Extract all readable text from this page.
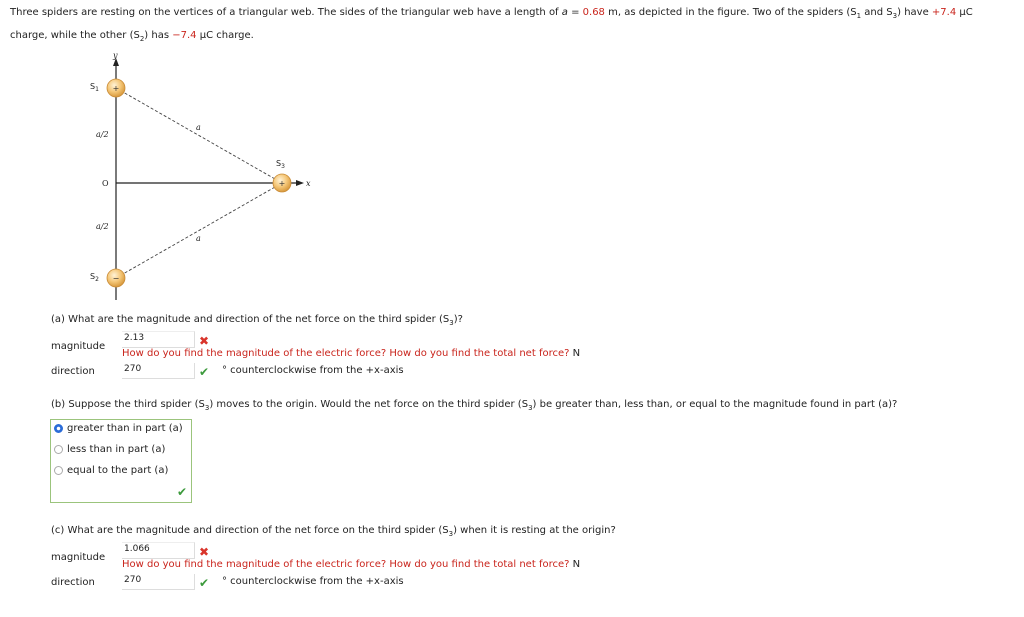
Three spiders are resting on the vertices of a triangular web. The sides of the triangular web have a length of a = 0.68 m, as depicted in the figure. Two of the spiders ($S_1$ and $S_3$) have +7.4 μC
charge, while the other $(S_2)$ has −7.4 μC charge.
+
−
+
y
x
a/2
a/2
a
a
O
$S_1$
$S_2$
$S_3$
(a) What are the magnitude and direction of the net force on the third spider $(S_3)$?
magnitude
2.13	✖
How do you find the magnitude of the electric force? How do you find the total net force? N
direction	270	✔ ° counterclockwise from the +x-axis
(b) Suppose the third spider $(S_3)$ moves to the origin. Would the net force on the third spider $(S_3)$ be greater than, less than, or equal to the magnitude found in part (a)?
greater than in part (a)
less than in part (a)
equal to the part (a)
✔
(c) What are the magnitude and direction of the net force on the third spider $(S_3)$ when it is resting at the origin?
magnitude
1.066	✖
How do you find the magnitude of the electric force? How do you find the total net force? N
direction	270	✔ ° counterclockwise from the +x-axis
